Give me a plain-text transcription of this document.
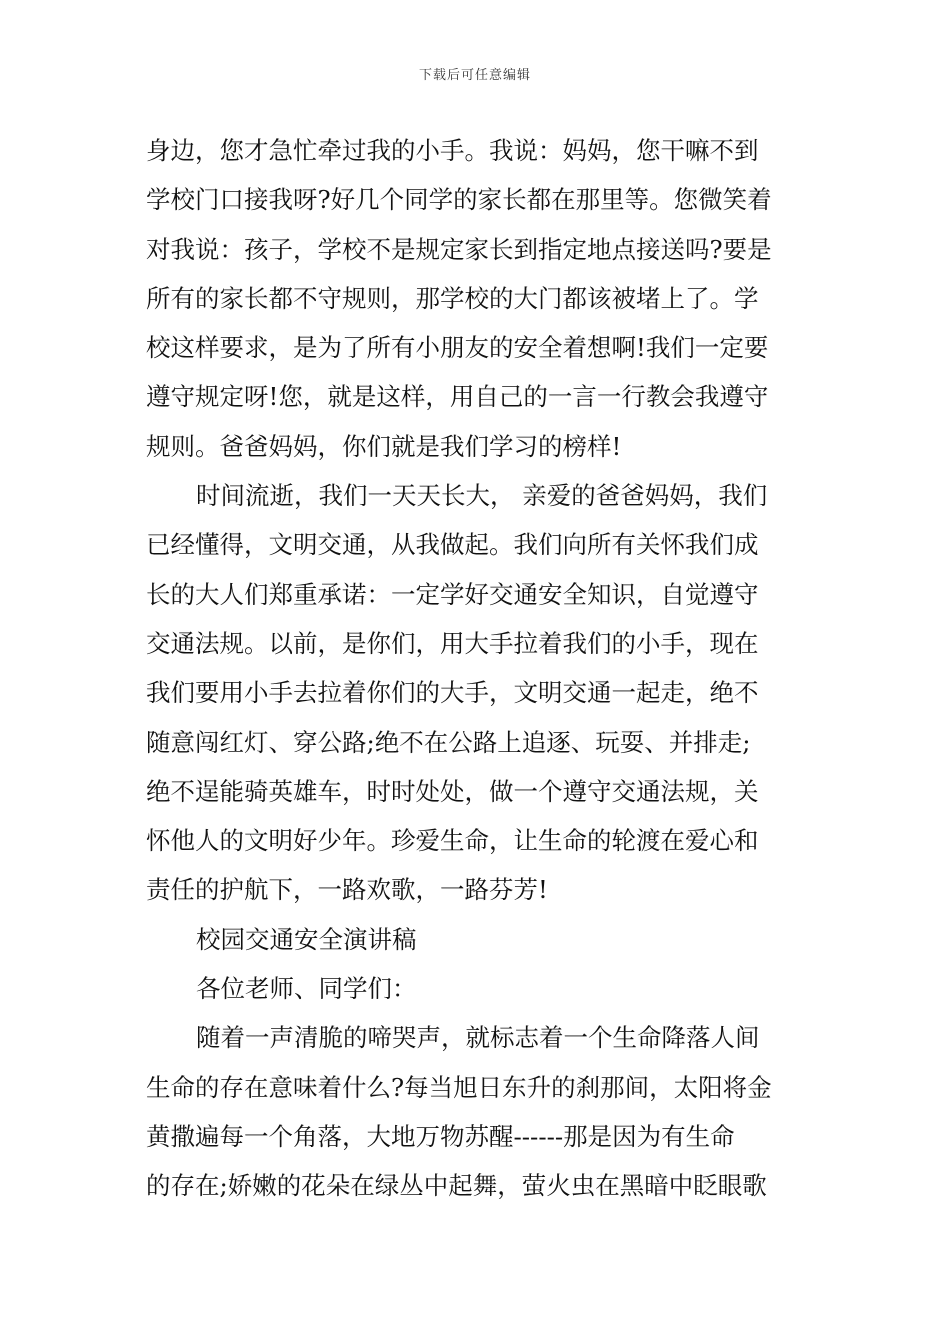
下载后可任意编辑
身边，您才急忙牵过我的小手。我说：妈妈，您干嘛不到
学校门口接我呀?好几个同学的家长都在那里等。您微笑着
对我说：孩子，学校不是规定家长到指定地点接送吗?要是
所有的家长都不守规则，那学校的大门都该被堵上了。学
校这样要求，是为了所有小朋友的安全着想啊!我们一定要
遵守规定呀!您，就是这样，用自己的一言一行教会我遵守
规则。爸爸妈妈，你们就是我们学习的榜样!
时间流逝，我们一天天长大， 亲爱的爸爸妈妈，我们
已经懂得，文明交通，从我做起。我们向所有关怀我们成
长的大人们郑重承诺：一定学好交通安全知识，自觉遵守
交通法规。以前，是你们，用大手拉着我们的小手，现在
我们要用小手去拉着你们的大手，文明交通一起走，绝不
随意闯红灯、穿公路;绝不在公路上追逐、玩耍、并排走;
绝不逞能骑英雄车，时时处处，做一个遵守交通法规，关
怀他人的文明好少年。珍爱生命，让生命的轮渡在爱心和
责任的护航下，一路欢歌，一路芬芳!
校园交通安全演讲稿
各位老师、同学们：
随着一声清脆的啼哭声，就标志着一个生命降落人间
生命的存在意味着什么?每当旭日东升的刹那间，太阳将金
黄撒遍每一个角落，大地万物苏醒------那是因为有生命
的存在;娇嫩的花朵在绿丛中起舞，萤火虫在黑暗中眨眼歌
